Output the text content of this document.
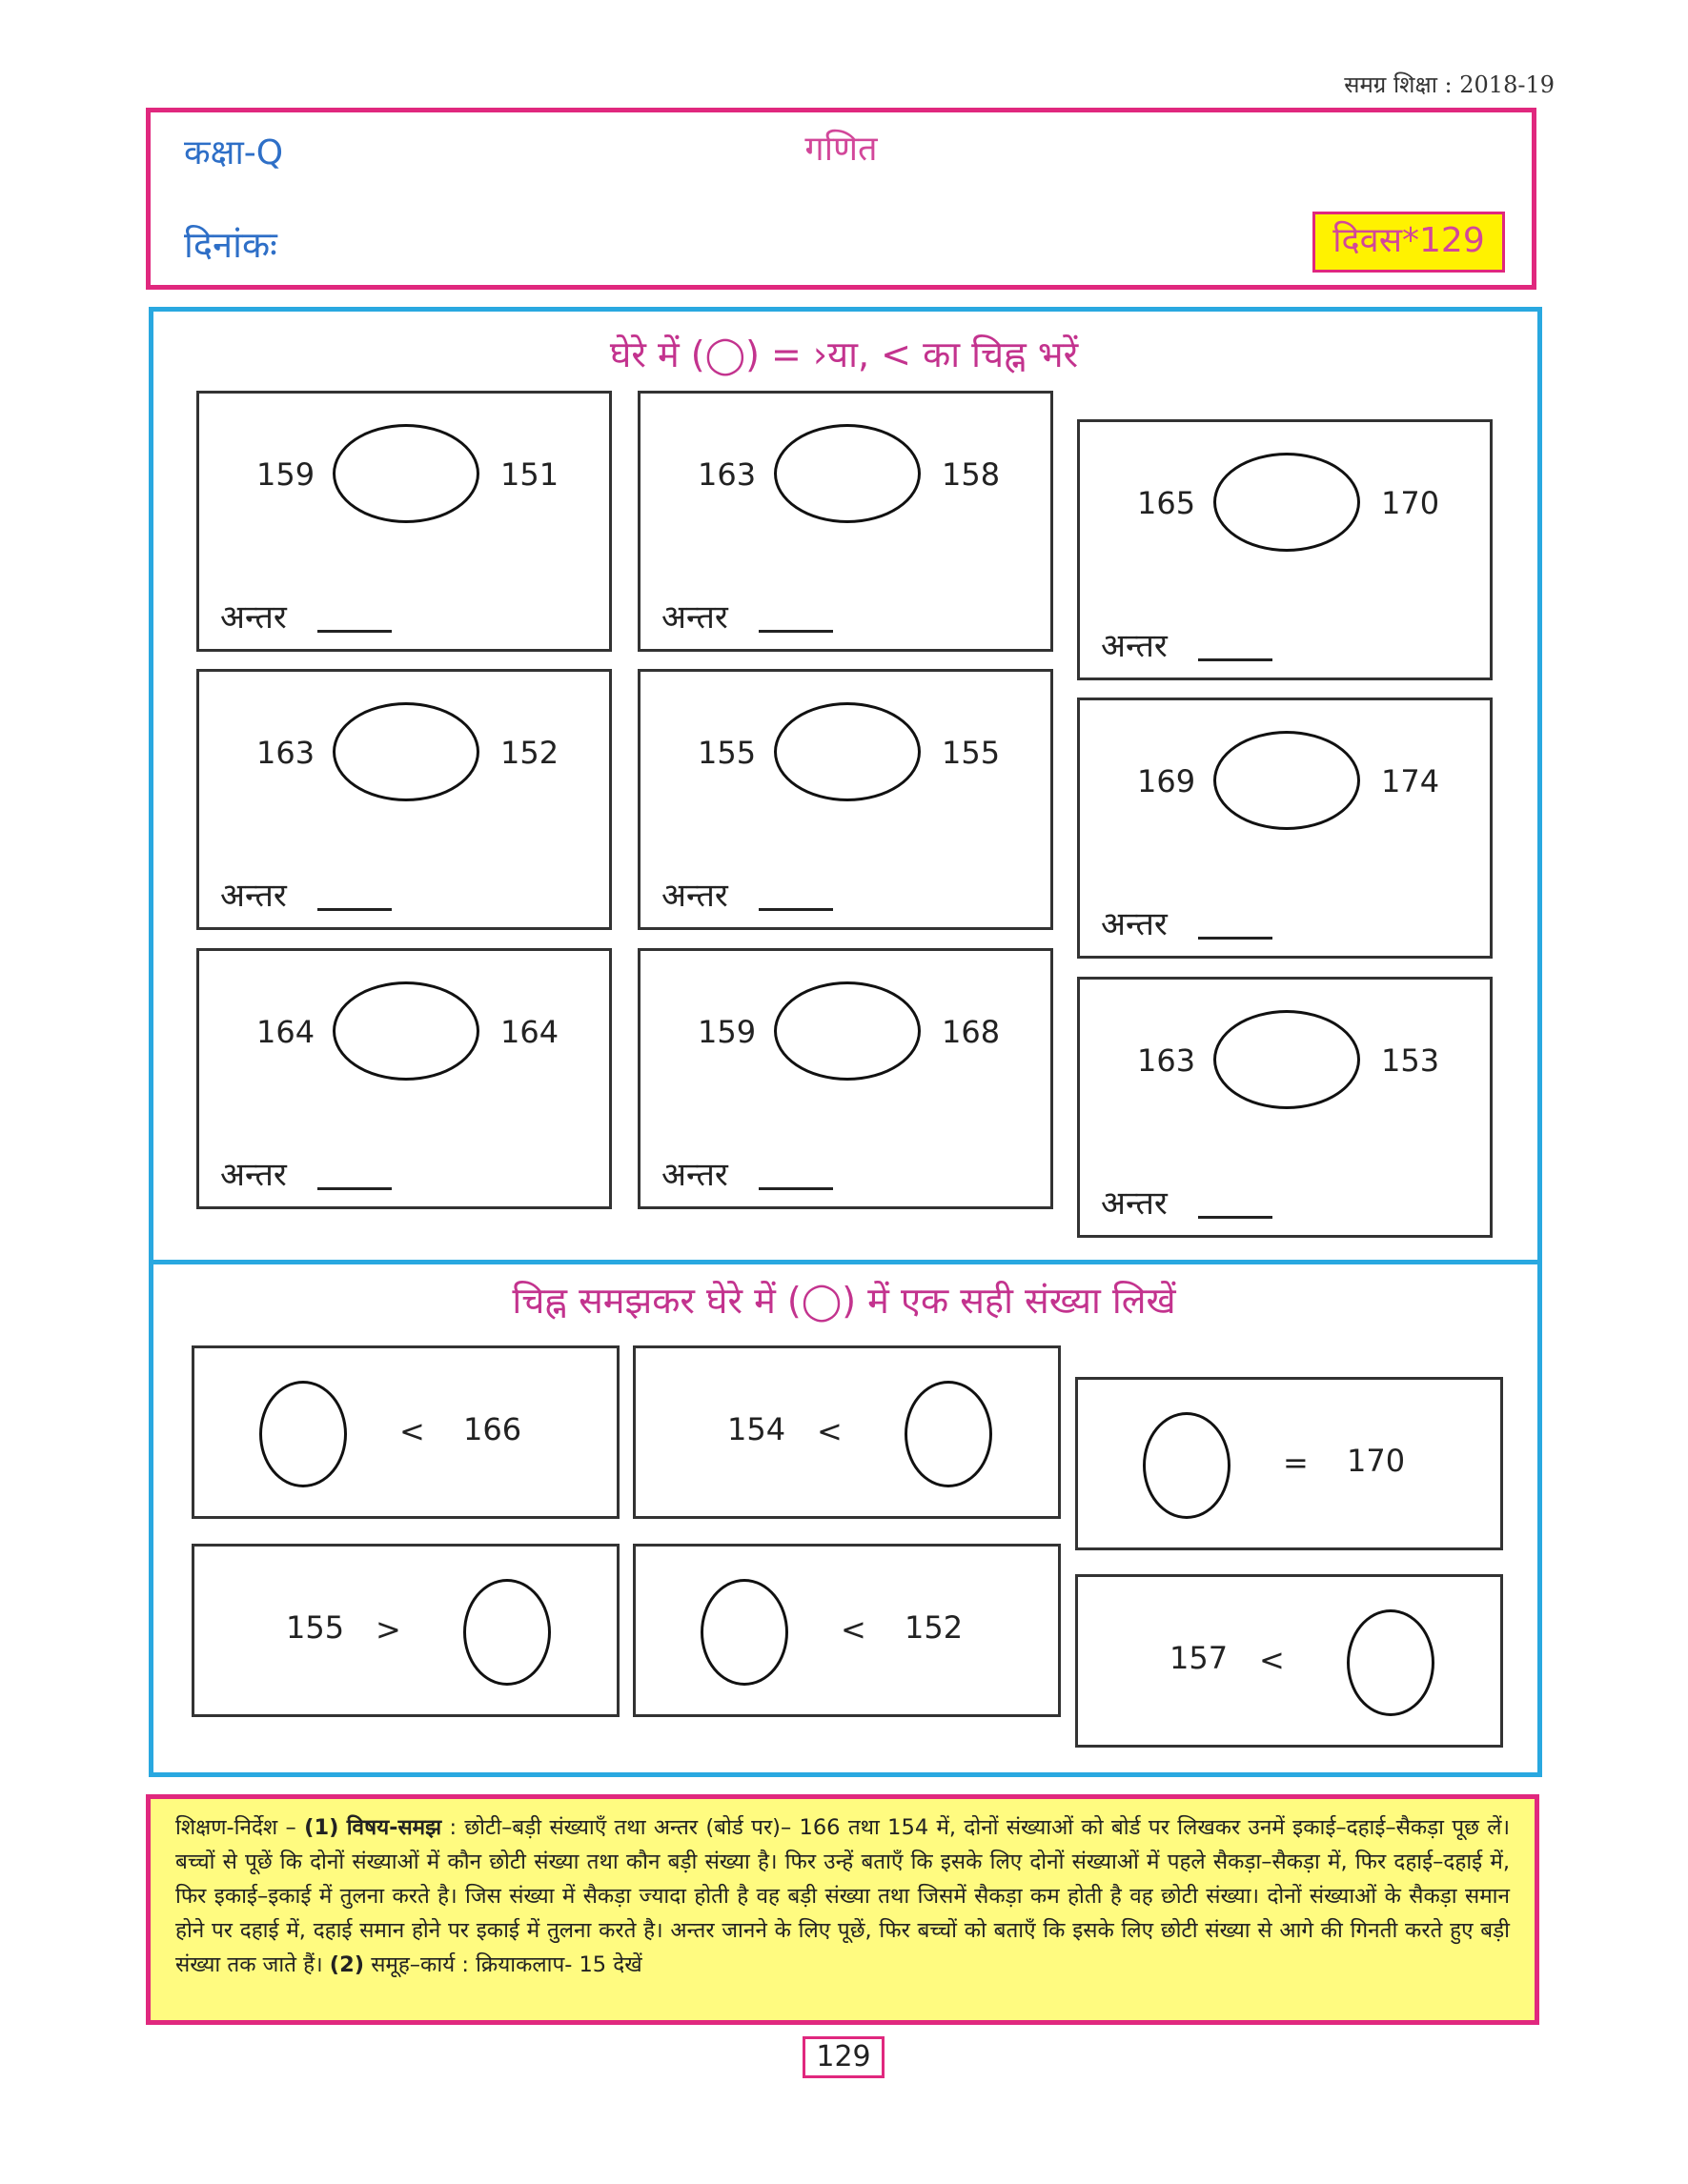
समग्र शिक्षा : 2018-19
कक्षा-Q	गणित
दिनांकः	दिवस*129
घेरे में (◯) = ›या, < का चिह्न भरें
159	151
अन्तर
163	158
अन्तर
165	170
अन्तर
163	152
अन्तर
155	155
अन्तर
169	174
अन्तर
164	164
अन्तर
159	168
अन्तर
163	153
अन्तर
चिह्न समझकर घेरे में (◯) में एक सही संख्या लिखें
< 166	<
154
= 170
>
155	< 152
<
157
शिक्षण-निर्देश – (1) विषय-समझ : छोटी–बड़ी संख्याएँ तथा अन्तर (बोर्ड पर)– 166 तथा 154 में, दोनों संख्याओं को बोर्ड पर लिखकर उनमें इकाई–दहाई–सैकड़ा पूछ लें। बच्चों से पूछें कि दोनों संख्याओं में कौन छोटी संख्या तथा कौन बड़ी संख्या है। फिर उन्हें बताएँ कि इसके लिए दोनों संख्याओं में पहले सैकड़ा–सैकड़ा में, फिर दहाई–दहाई में, फिर इकाई–इकाई में तुलना करते है। जिस संख्या में सैकड़ा ज्यादा होती है वह बड़ी संख्या तथा जिसमें सैकड़ा कम होती है वह छोटी संख्या। दोनों संख्याओं के सैकड़ा समान होने पर दहाई में, दहाई समान होने पर इकाई में तुलना करते है। अन्तर जानने के लिए पूछें, फिर बच्चों को बताएँ कि इसके लिए छोटी संख्या से आगे की गिनती करते हुए बड़ी संख्या तक जाते हैं। (2) समूह–कार्य : क्रियाकलाप- 15 देखें
129
